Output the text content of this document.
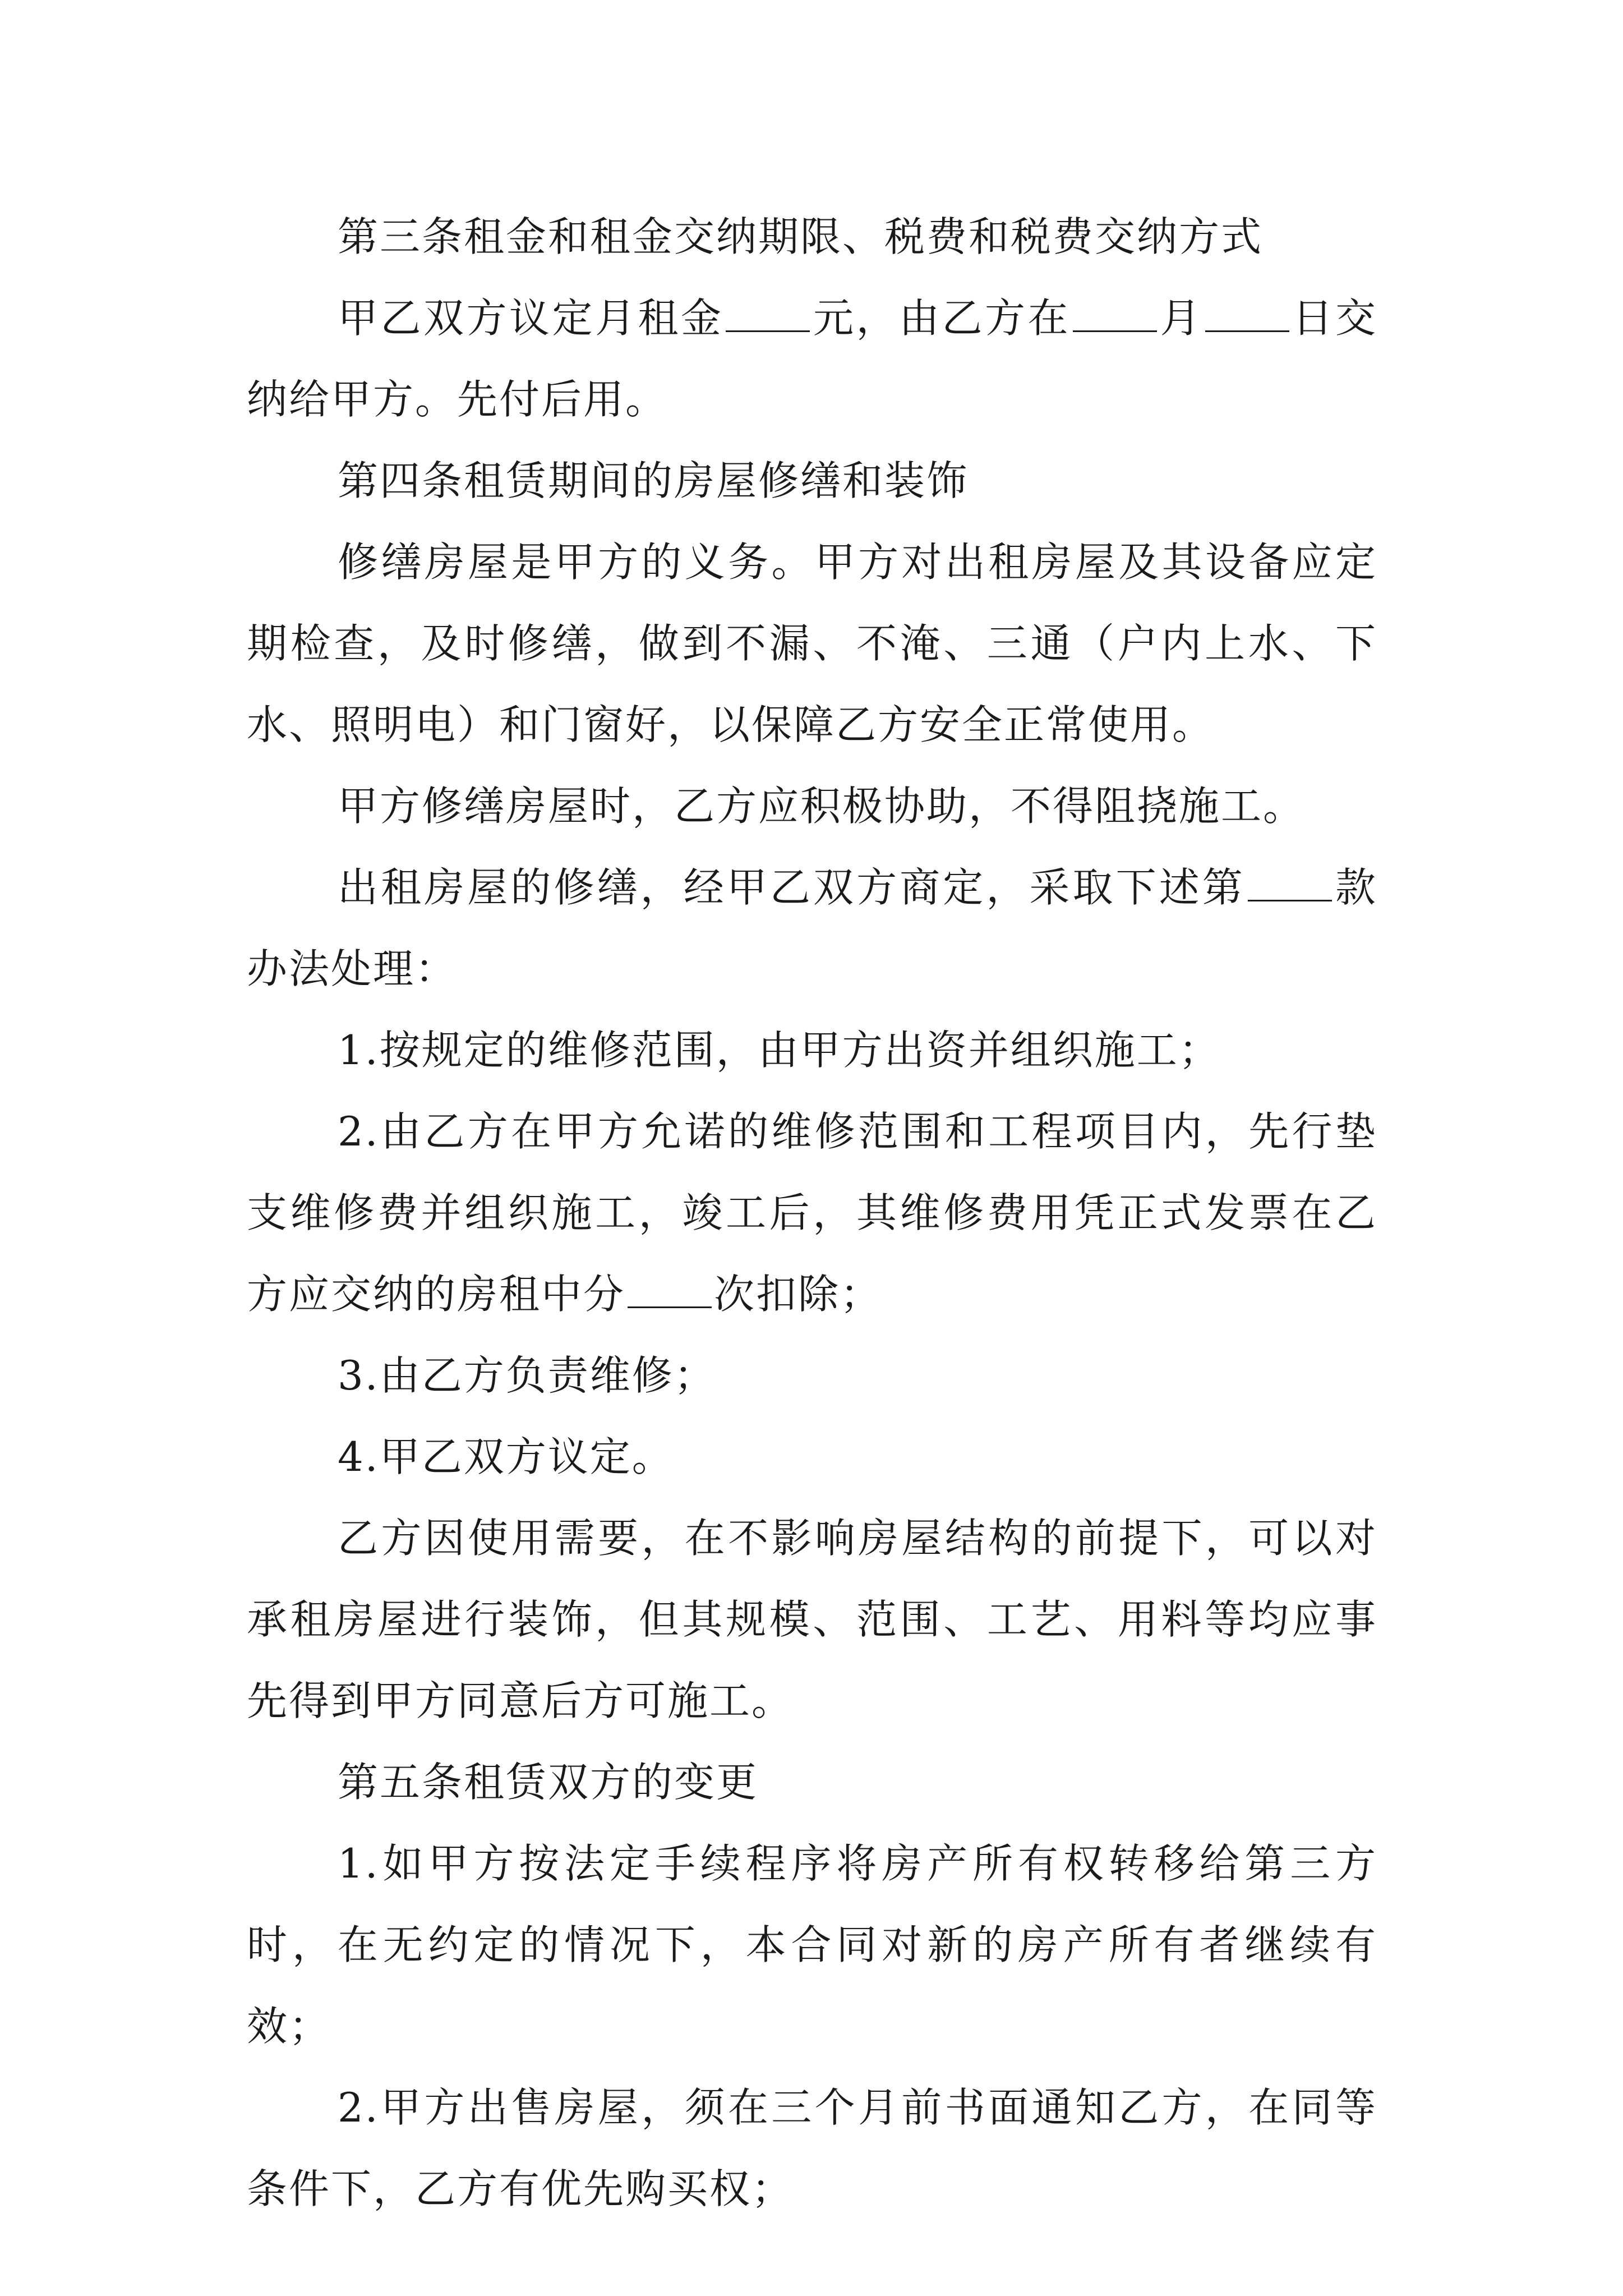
第三条租金和租金交纳期限、税费和税费交纳方式

甲乙双方议定月租金 元，由乙方在 月 日交纳给甲方。先付后用。

第四条租赁期间的房屋修缮和装饰

修缮房屋是甲方的义务。甲方对出租房屋及其设备应定期检查，及时修缮，做到不漏、不淹、三通（户内上水、下水、照明电）和门窗好，以保障乙方安全正常使用。

甲方修缮房屋时，乙方应积极协助，不得阻挠施工。

出租房屋的修缮，经甲乙双方商定，采取下述第 款办法处理：

1.按规定的维修范围，由甲方出资并组织施工；

2.由乙方在甲方允诺的维修范围和工程项目内，先行垫支维修费并组织施工，竣工后，其维修费用凭正式发票在乙方应交纳的房租中分 次扣除；

3.由乙方负责维修；

4.甲乙双方议定。

乙方因使用需要，在不影响房屋结构的前提下，可以对承租房屋进行装饰，但其规模、范围、工艺、用料等均应事先得到甲方同意后方可施工。

第五条租赁双方的变更

1.如甲方按法定手续程序将房产所有权转移给第三方时，在无约定的情况下，本合同对新的房产所有者继续有效；

2.甲方出售房屋，须在三个月前书面通知乙方，在同等条件下，乙方有优先购买权；
